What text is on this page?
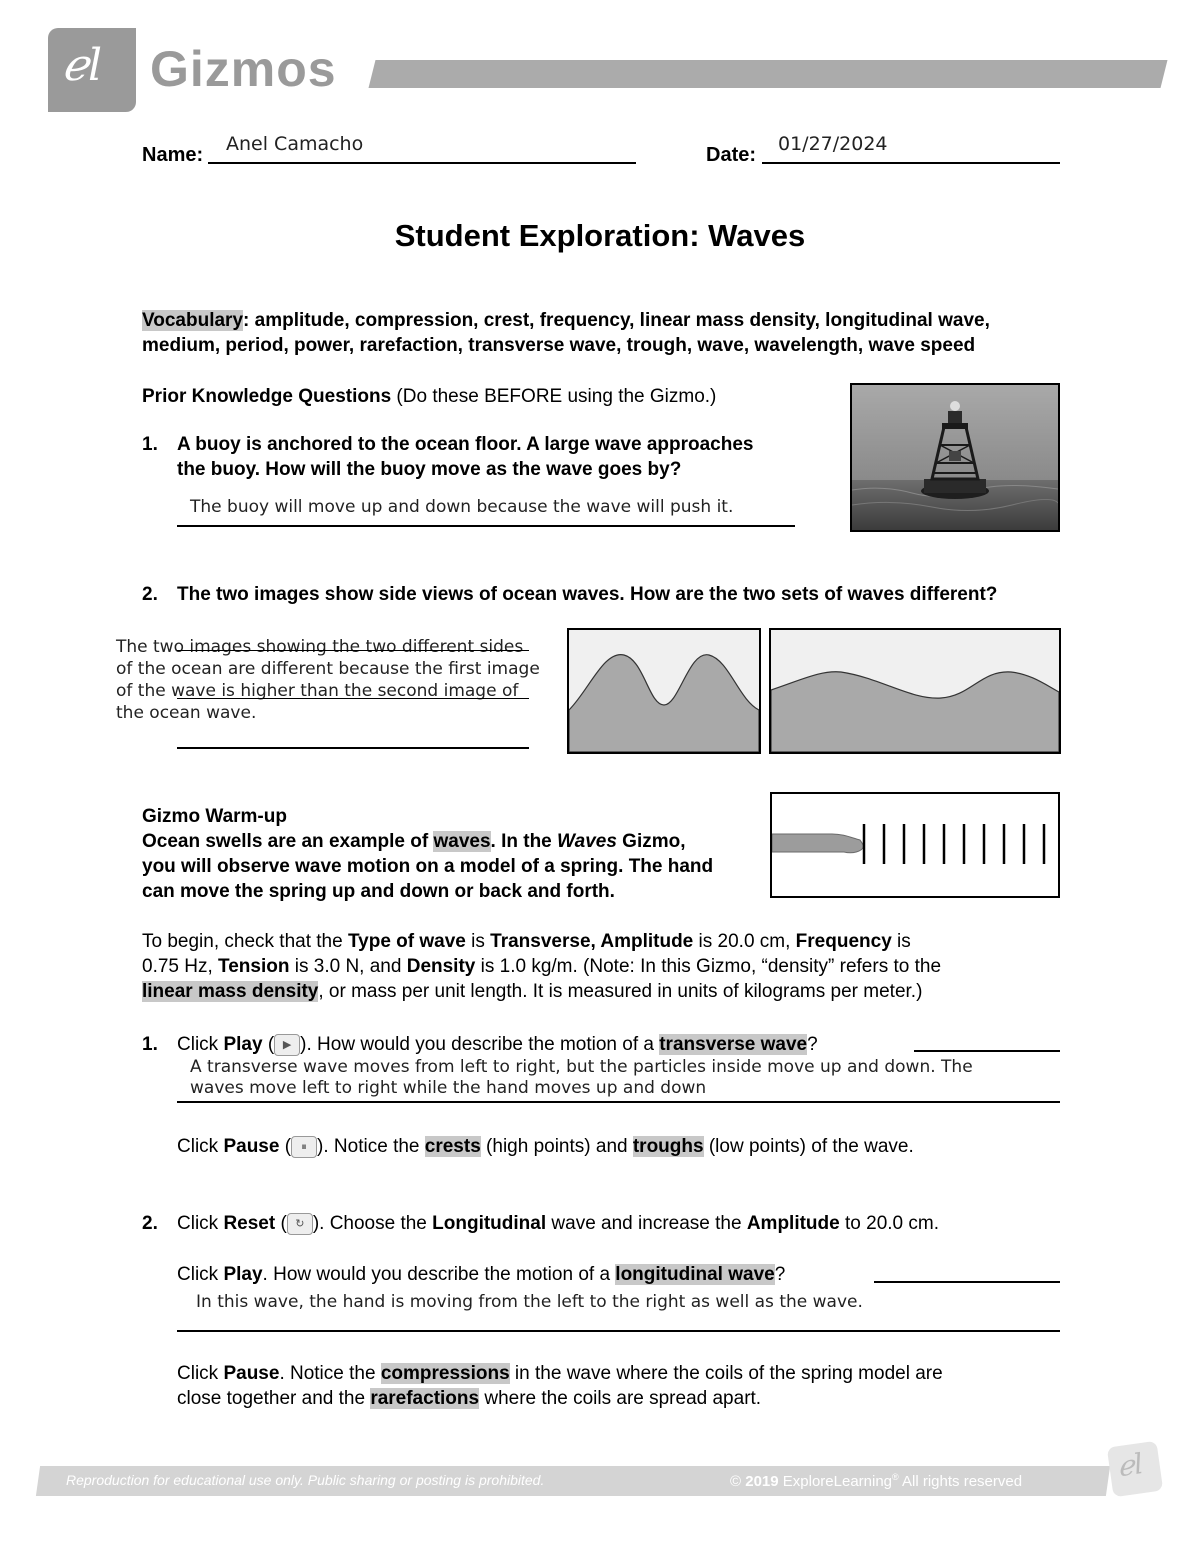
ℯl Gizmos
Name: Anel Camacho	Date: 01/27/2024
Student Exploration: Waves
Vocabulary: amplitude, compression, crest, frequency, linear mass density, longitudinal wave,
medium, period, power, rarefaction, transverse wave, trough, wave, wavelength, wave speed
Prior Knowledge Questions (Do these BEFORE using the Gizmo.)
1. A buoy is anchored to the ocean floor. A large wave approaches
the buoy. How will the buoy move as the wave goes by?
The buoy will move up and down because the wave will push it.
2. The two images show side views of ocean waves. How are the two sets of waves different?
The two images showing the two different sides
of the ocean are different because the first image
of the wave is higher than the second image of
the ocean wave.
Gizmo Warm-up
Ocean swells are an example of waves. In the Waves Gizmo,
you will observe wave motion on a model of a spring. The hand
can move the spring up and down or back and forth.
To begin, check that the Type of wave is Transverse, Amplitude is 20.0 cm, Frequency is
0.75 Hz, Tension is 3.0 N, and Density is 1.0 kg/m. (Note: In this Gizmo, “density” refers to the
linear mass density, or mass per unit length. It is measured in units of kilograms per meter.)
1. Click Play ( ▶ ). How would you describe the motion of a transverse wave?
A transverse wave moves from left to right, but the particles inside move up and down. The
waves move left to right while the hand moves up and down
Click Pause ( ⏸ ). Notice the crests (high points) and troughs (low points) of the wave.
2. Click Reset ( ↻ ). Choose the Longitudinal wave and increase the Amplitude to 20.0 cm.
Click Play. How would you describe the motion of a longitudinal wave?
In this wave, the hand is moving from the left to the right as well as the wave.
Click Pause. Notice the compressions in the wave where the coils of the spring model are
close together and the rarefactions where the coils are spread apart.
Reproduction for educational use only. Public sharing or posting is prohibited.	© 2019 ExploreLearning® All rights reserved	ℯl
